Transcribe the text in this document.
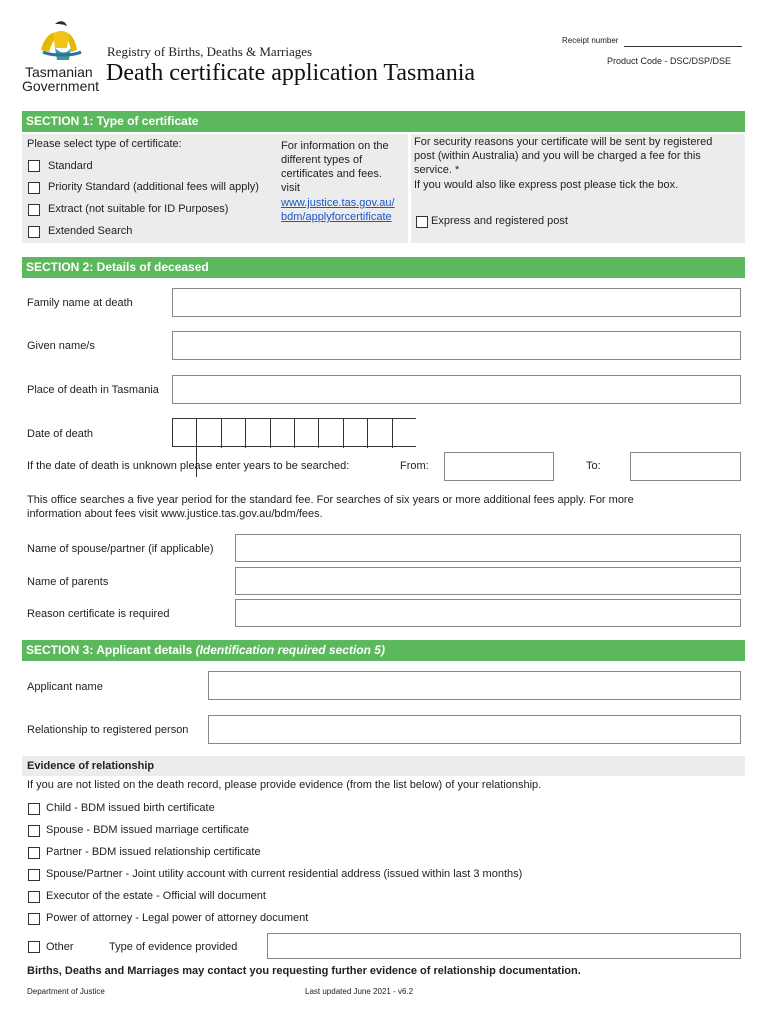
Tasmanian
Government
Registry of Births, Deaths & Marriages
Death certificate application Tasmania
Receipt number
Product Code - DSC/DSP/DSE
SECTION 1: Type of certificate
Please select type of certificate:
Standard
Priority Standard (additional fees will apply)
Extract (not suitable for ID Purposes)
Extended Search
For information on the
different types of
certificates and fees.
visit
www.justice.tas.gov.au/
bdm/applyforcertificate
For security reasons your certificate will be sent by registered
post (within Australia) and you will be charged a fee for this
service. *
If you would also like express post please tick the box.
Express and registered post
SECTION 2: Details of deceased
Family name at death
Given name/s
Place of death in Tasmania
Date of death
If the date of death is unknown please enter years to be searched:	From:	To:
This office searches a five year period for the standard fee. For searches of six years or more additional fees apply. For more
information about fees visit www.justice.tas.gov.au/bdm/fees.
Name of spouse/partner (if applicable)
Name of parents
Reason certificate is required
SECTION 3: Applicant details (Identification required section 5)
Applicant name
Relationship to registered person
Evidence of relationship
If you are not listed on the death record, please provide evidence (from the list below) of your relationship.
Child - BDM issued birth certificate
Spouse - BDM issued marriage certificate
Partner - BDM issued relationship certificate
Spouse/Partner - Joint utility account with current residential address (issued within last 3 months)
Executor of the estate - Official will document
Power of attorney - Legal power of attorney document
Other	Type of evidence provided
Births, Deaths and Marriages may contact you requesting further evidence of relationship documentation.
Department of Justice	Last updated June 2021 - v6.2
